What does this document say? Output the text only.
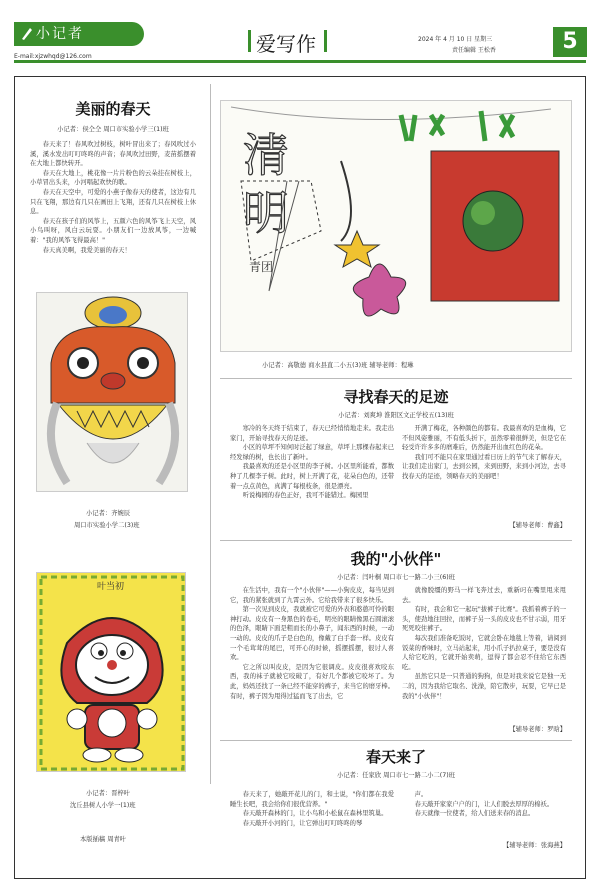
小记者
E-mail:xjzwhqd@126.com
爱写作	2024 年 4 月 10 日 星期三
责任编辑 王松香	5
美丽的春天
小记者：侯仝仝 周口市实验小学三(1)班

春天来了！春风吹过树枝，树叶冒出来了；春风吹过小溪，溪水发出叮叮咚咚的声音；春风吹过田野，麦苗摇摆着在大地上都快转开。

春天在大地上，桃花像一片片粉色的云朵挂在树枝上，小草冒出头来，小河唱起欢快的歌。

春天在天空中，可爱的小燕子像春天的使者，这边有几只在飞翔，那边有几只在画田上飞翔，还有几只在树枝上休息。

春天在孩子们的风筝上，五颜六色的风筝飞上天空，风小鸟叫呀，风白云玩耍。小朋友们一边放风筝，一边喊着："我的风筝飞得最高！"

春天真美啊，我爱美丽的春天！

小记者：齐婉辰
周口市实验小学二(3)班
叶当初
小记者：晋梓叶
沈丘县树人小学一(1)班
本版插稿 周青叶
清
明
青团
小记者：高敬德 商水县直二小五(3)班 辅导老师：程琳
寻找春天的足迹
小记者：刘爽坤 淮阳区文正学校五(13)班

寒冷的冬天终于结束了，春天已经悄悄地走来。我走出家门，开始寻找春天的足迹。

小区的草坪不知何时泛起了绿意，草坪上那棵春起来已经发绿的树，也长出了新叶。

我最喜欢的还是小区里的李子树。小区里所能看，都数种了几棵李子树。此时，树上开满了花，花朵白色的，还带着一点点黄色，真满了每根枝条，很是漂亮。

听说梅园的春色正好，我可不能错过。梅园里

开满了梅花，各种颜色的都有。我最喜欢的是血梅，它不但风姿雅丽，不有低头折下，虽然零着很鲜美，但是它在轻受许许多多的磨难后，仍然能开出血红色的花朵。

我们可不能只在家里通过看日历上的节气来了解春天，让我们走出家门，去到公园，来到田野，来到小河边，去寻找春天的足迹，领略春天的美丽吧！

【辅导老师：曹鑫】
我的"小伙伴"
小记者：闫叶桐 周口市七一路二小三(6)班

在生活中，我有一个"小伙伴"——小狗皮皮，每当见到它，我的紧张就到了九霄云外。它给我带来了很多快乐。

第一次见到皮皮，我就被它可爱的外表和憨憨可怜的眼神打动。皮皮有一身黑色的卷毛，明亮的眼睛像黑石圆滚滚的色泽，眼睛下面是粗而长的小鼻子，闻东西的时候，一动一动的。皮皮的爪子是白色的，像戴了白手套一样。皮皮有一个毛茸茸的尾巴，可开心的时候，摇摆摇摆，很讨人喜欢。

它之所以叫皮皮，是因为它很调皮。皮皮很喜欢咬东西，我的袜子就被它咬破了，有好几个都被它咬坏了。为此，妈妈还找了一条已经不能穿的裤子，来当它的磨牙棒。有时，裤子因为甩得过猛而飞了出去，它

就像脱缰的野马一样飞奔过去，重新叼在嘴里甩来甩去。

有时，我会和它一起玩"拔裤子比赛"。我抓着裤子的一头，使劲地往回拉，而裤子另一头的皮皮也不甘示弱，用牙死死咬住裤子。

每次我们准备吃饭时，它就会卧在地毯上等着，请阅到饭菜的香味时，立马站起来，用小爪子扒拉桌子，要是没有人给它吃的，它就开始卖萌，逗得了都会忍不住给它东西吃。

虽然它只是一只普通的狗狗，但是对我来说它是独一无二的，因为我给它取名、洗澡，陪它散步，玩耍，它早已是我的"小伙伴"！

【辅导老师：罗晗】
春天来了
小记者：任家欣 周口市七一路二小二(7)班

春天来了，她敲开花儿的门，和土说，"你们都在我爱睡生长吧，我会给你们很优营养。"

春天敲开森林的门，让小鸟和小松鼠在森林里筑巢。

春天敲开小河的门，让它弹出叮叮咚咚的琴

声。

春天敲开家家户户的门，让人们脱去厚厚的棉袄。

春天就像一位使者，给人们送来春的消息。

【辅导老师：张海燕】
